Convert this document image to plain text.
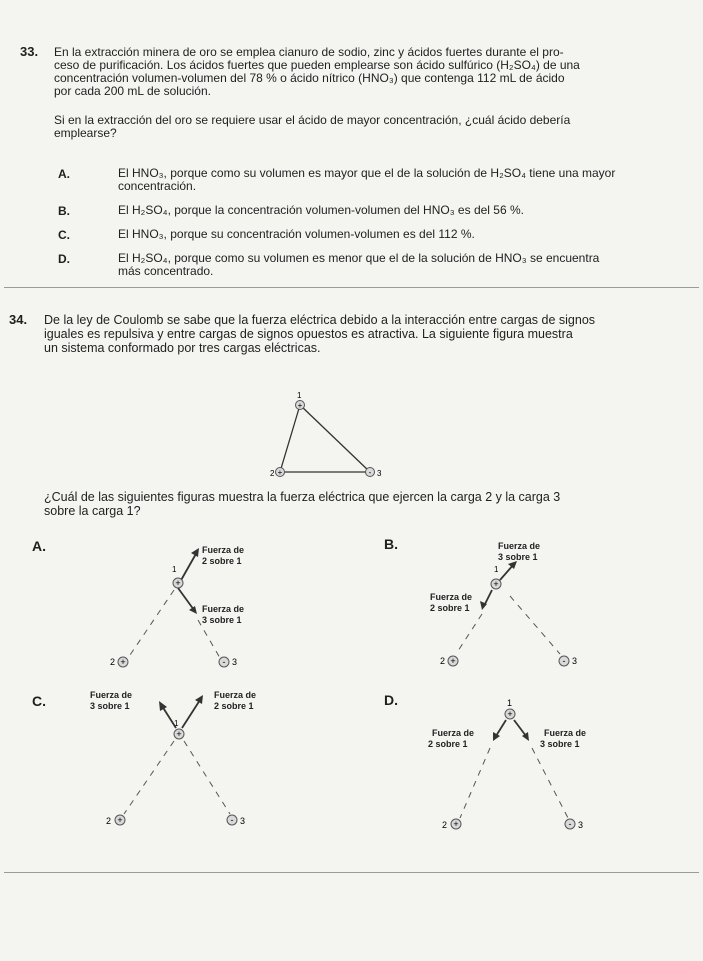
33. En la extracción minera de oro se emplea cianuro de sodio, zinc y ácidos fuertes durante el pro-
ceso de purificación. Los ácidos fuertes que pueden emplearse son ácido sulfúrico (H₂SO₄) de una
concentración volumen-volumen del 78 % o ácido nítrico (HNO₃) que contenga 112 mL de ácido
por cada 200 mL de solución.
Si en la extracción del oro se requiere usar el ácido de mayor concentración, ¿cuál ácido debería
emplearse?
A.	El HNO₃, porque como su volumen es mayor que el de la solución de H₂SO₄ tiene una mayor
concentración.
B.	El H₂SO₄, porque la concentración volumen-volumen del HNO₃ es del 56 %.
C.	El HNO₃, porque su concentración volumen-volumen es del 112 %.
D.	El H₂SO₄, porque como su volumen es menor que el de la solución de HNO₃ se encuentra
más concentrado.
34. De la ley de Coulomb se sabe que la fuerza eléctrica debido a la interacción entre cargas de signos
iguales es repulsiva y entre cargas de signos opuestos es atractiva. La siguiente figura muestra
un sistema conformado por tres cargas eléctricas.
1
+
2 +	- 3
¿Cuál de las siguientes figuras muestra la fuerza eléctrica que ejercen la carga 2 y la carga 3
sobre la carga 1?
A.	Fuerza de
2 sobre 1
1
+
Fuerza de
3 sobre 1
2 +	- 3
B.	Fuerza de
3 sobre 1
1
+
Fuerza de
2 sobre 1
2 +	- 3
C.	Fuerza de
3 sobre 1
Fuerza de
2 sobre 1
1
+
2 +	- 3
D.	1
+
Fuerza de
2 sobre 1
Fuerza de
3 sobre 1
2 +	- 3
